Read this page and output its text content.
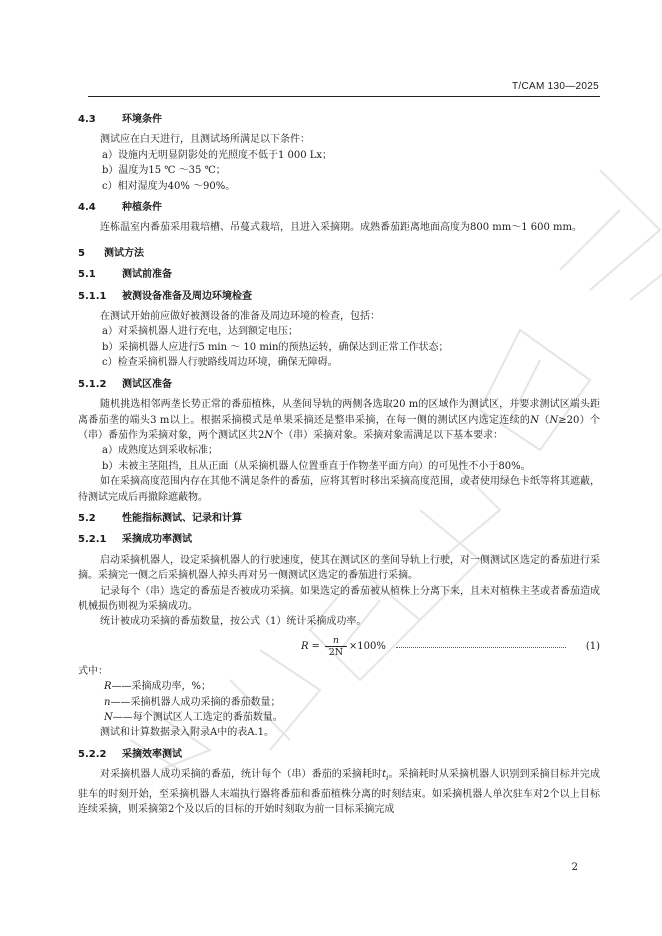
T/CAM 130—2025
4.3	环境条件

测试应在白天进行，且测试场所满足以下条件：

a）设施内无明显阴影处的光照度不低于1 000 Lx；

b）温度为15 ℃ ～35 ℃；

c）相对湿度为40% ～90%。

4.4	种植条件

连栋温室内番茄采用栽培槽、吊蔓式栽培，且进入采摘期。成熟番茄距离地面高度为800 mm～1 600 mm。

5 测试方法
5.1	测试前准备
5.1.1 被测设备准备及周边环境检查

在测试开始前应做好被测设备的准备及周边环境的检查，包括：

a）对采摘机器人进行充电，达到额定电压；

b）采摘机器人应进行5 min ～ 10 min的预热运转，确保达到正常工作状态；

c）检查采摘机器人行驶路线周边环境，确保无障碍。

5.1.2 测试区准备

随机挑选相邻两垄长势正常的番茄植株，从垄间导轨的两侧各选取20 m的区域作为测试区，并要求测试区端头距离番茄垄的端头3 m以上。根据采摘模式是单果采摘还是整串采摘，在每一侧的测试区内选定连续的N（N≥20）个（串）番茄作为采摘对象，两个测试区共2N个（串）采摘对象。采摘对象需满足以下基本要求：

a）成熟度达到采收标准；

b）未被主茎阻挡，且从正面（从采摘机器人位置垂直于作物垄平面方向）的可见性不小于80%。

如在采摘高度范围内存在其他不满足条件的番茄，应将其暂时移出采摘高度范围，或者使用绿色卡纸等将其遮蔽，待测试完成后再撤除遮蔽物。

5.2	性能指标测试、记录和计算
5.2.1 采摘成功率测试

启动采摘机器人，设定采摘机器人的行驶速度，使其在测试区的垄间导轨上行驶，对一侧测试区选定的番茄进行采摘。采摘完一侧之后采摘机器人掉头再对另一侧测试区选定的番茄进行采摘。

记录每个（串）选定的番茄是否被成功采摘。如果选定的番茄被从植株上分离下来，且未对植株主茎或者番茄造成机械损伤则视为采摘成功。

统计被成功采摘的番茄数量，按公式（1）统计采摘成功率。

$R = \frac{n}{2N} \times 100\%$	(1)

式中：

R——采摘成功率，%；

n——采摘机器人成功采摘的番茄数量；

N——每个测试区人工选定的番茄数量。

测试和计算数据录入附录A中的表A.1。

5.2.2 采摘效率测试

对采摘机器人成功采摘的番茄，统计每个（串）番茄的采摘耗时$t_i$。采摘耗时从采摘机器人识别到采摘目标并完成驻车的时刻开始，至采摘机器人末端执行器将番茄和番茄植株分离的时刻结束。如采摘机器人单次驻车对2个以上目标连续采摘，则采摘第2个及以后的目标的开始时刻取为前一目标采摘完成

2
